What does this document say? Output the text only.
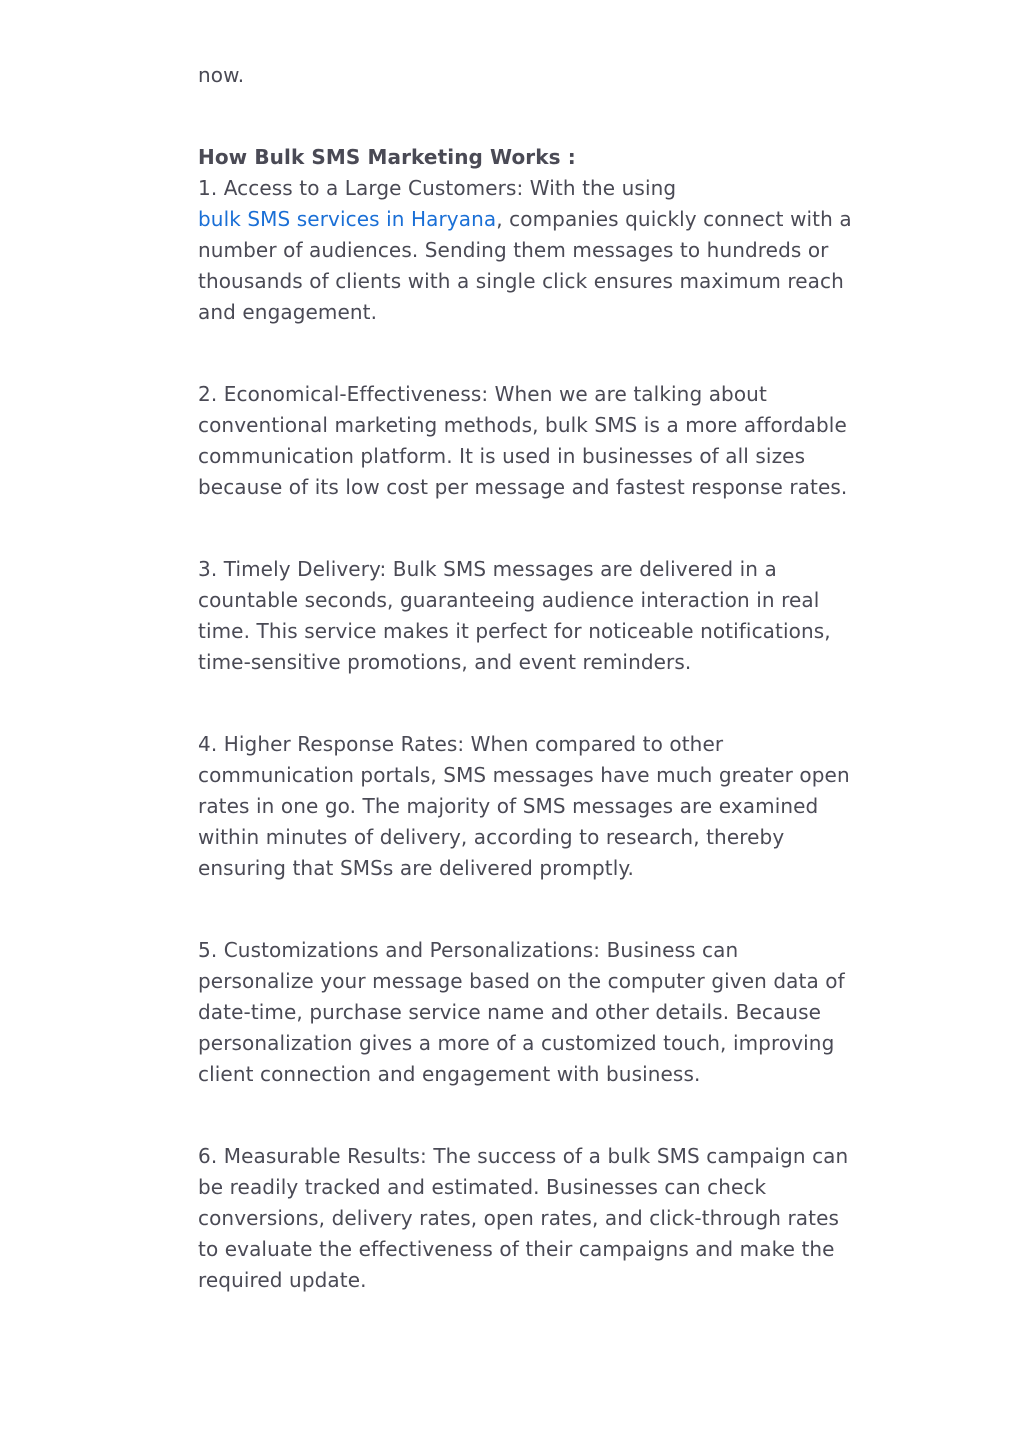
now.

How Bulk SMS Marketing Works :

1. Access to a Large Customers: With the using
bulk SMS services in Haryana, companies quickly connect with a number of audiences. Sending them messages to hundreds or thousands of clients with a single click ensures maximum reach and engagement.

2. Economical-Effectiveness: When we are talking about conventional marketing methods, bulk SMS is a more affordable communication platform. It is used in businesses of all sizes because of its low cost per message and fastest response rates.

3. Timely Delivery: Bulk SMS messages are delivered in a countable seconds, guaranteeing audience interaction in real time. This service makes it perfect for noticeable notifications, time-sensitive promotions, and event reminders.

4. Higher Response Rates: When compared to other communication portals, SMS messages have much greater open rates in one go. The majority of SMS messages are examined within minutes of delivery, according to research, thereby ensuring that SMSs are delivered promptly.

5. Customizations and Personalizations: Business can personalize your message based on the computer given data of date-time, purchase service name and other details. Because personalization gives a more of a customized touch, improving client connection and engagement with business.

6. Measurable Results: The success of a bulk SMS campaign can be readily tracked and estimated. Businesses can check conversions, delivery rates, open rates, and click-through rates to evaluate the effectiveness of their campaigns and make the required update.
